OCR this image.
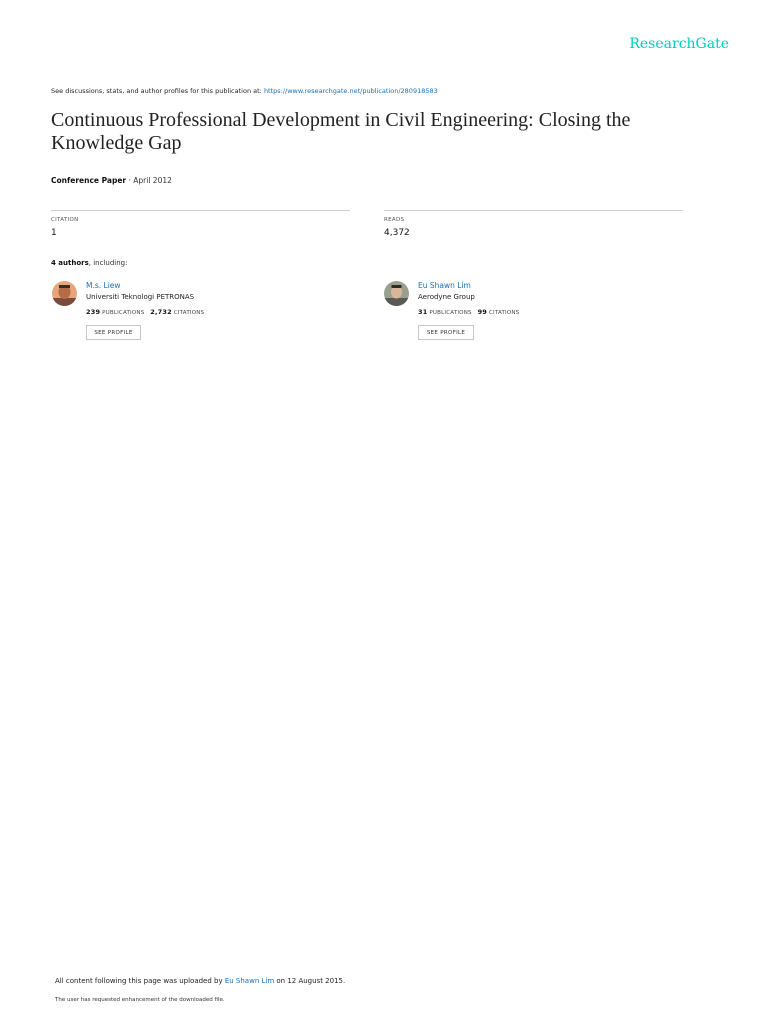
ResearchGate
See discussions, stats, and author profiles for this publication at: https://www.researchgate.net/publication/280918583
Continuous Professional Development in Civil Engineering: Closing the Knowledge Gap
Conference Paper · April 2012
CITATION
1
READS
4,372
4 authors, including:
M.s. Liew
Universiti Teknologi PETRONAS
239 PUBLICATIONS 2,732 CITATIONS
SEE PROFILE
Eu Shawn Lim
Aerodyne Group
31 PUBLICATIONS 99 CITATIONS
SEE PROFILE
All content following this page was uploaded by Eu Shawn Lim on 12 August 2015.
The user has requested enhancement of the downloaded file.
